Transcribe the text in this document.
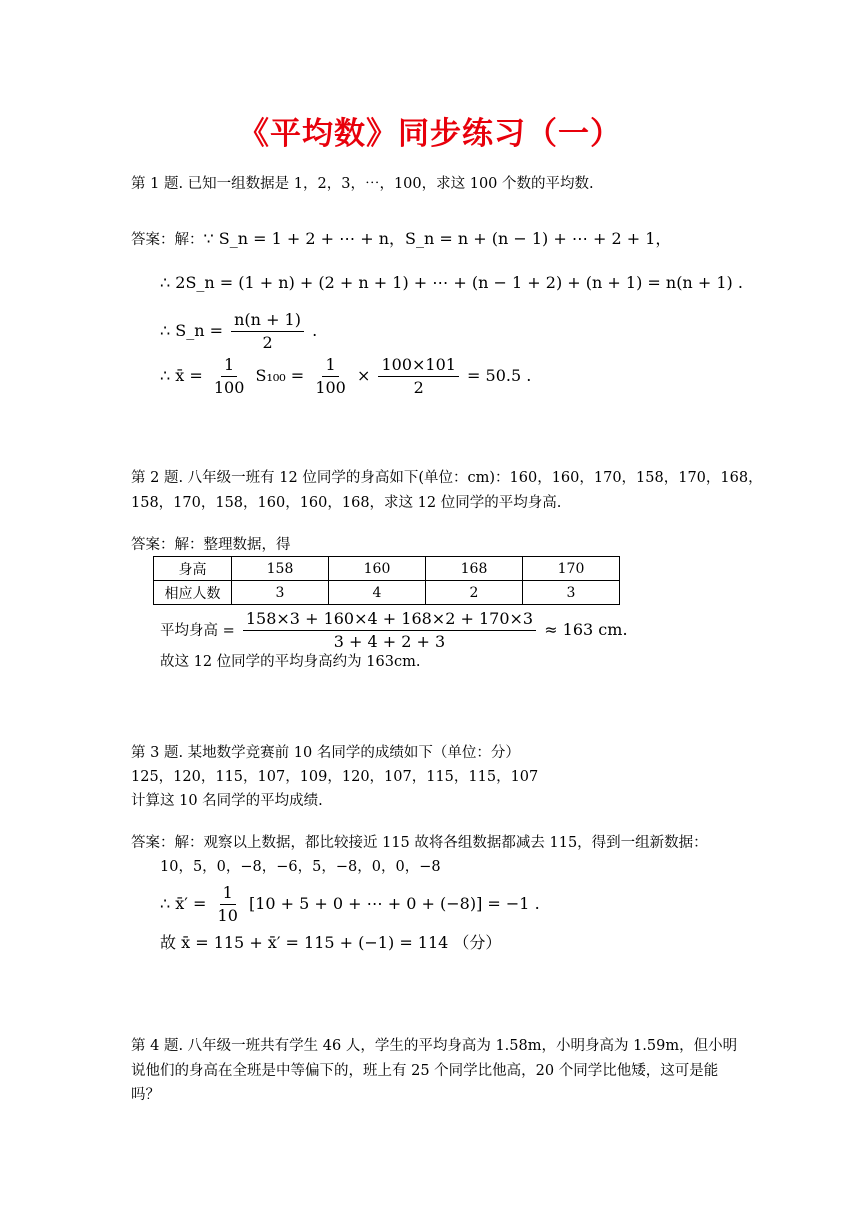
《平均数》同步练习（一）
第 1 题. 已知一组数据是 1，2，3，⋯，100，求这 100 个数的平均数.
答案：解：∵ S_n = 1 + 2 + ⋯ + n，S_n = n + (n − 1) + ⋯ + 2 + 1，
∴ 2S_n = (1 + n) + (2 + n + 1) + ⋯ + (n − 1 + 2) + (n + 1) = n(n + 1) .
∴ S_n = $\frac{n(n + 1)}{2}$ .
∴ x̄ = $\frac{1}{100} S_{100} = \frac{1}{100} \times \frac{100\times 101}{2} = 50.5$ .
第 2 题. 八年级一班有 12 位同学的身高如下(单位：cm)：160，160，170，158，170，168，
158，170，158，160，160，168，求这 12 位同学的平均身高.
答案：解：整理数据，得
身高	158	160	168	170
相应人数	3	4	2	3
平均身高 = $\frac{158\times 3 + 160\times 4 + 168\times 2 + 170\times 3}{3 + 4 + 2 + 3} \approx 163$ cm.
故这 12 位同学的平均身高约为 163cm.
第 3 题. 某地数学竞赛前 10 名同学的成绩如下（单位：分）
125，120，115，107，109，120，107，115，115，107
计算这 10 名同学的平均成绩.
答案：解：观察以上数据，都比较接近 115 故将各组数据都减去 115，得到一组新数据：
10，5，0，−8，−6，5，−8，0，0，−8
∴ x̄′ = $\frac{1}{10} [10 + 5 + 0$ + ⋯ + 0 + (−8)] = −1 .
故 x̄ = 115 + x̄′ = 115 + (−1) = 114 （分）
第 4 题. 八年级一班共有学生 46 人，学生的平均身高为 1.58m，小明身高为 1.59m，但小明
说他们的身高在全班是中等偏下的，班上有 25 个同学比他高，20 个同学比他矮，这可是能
吗？
